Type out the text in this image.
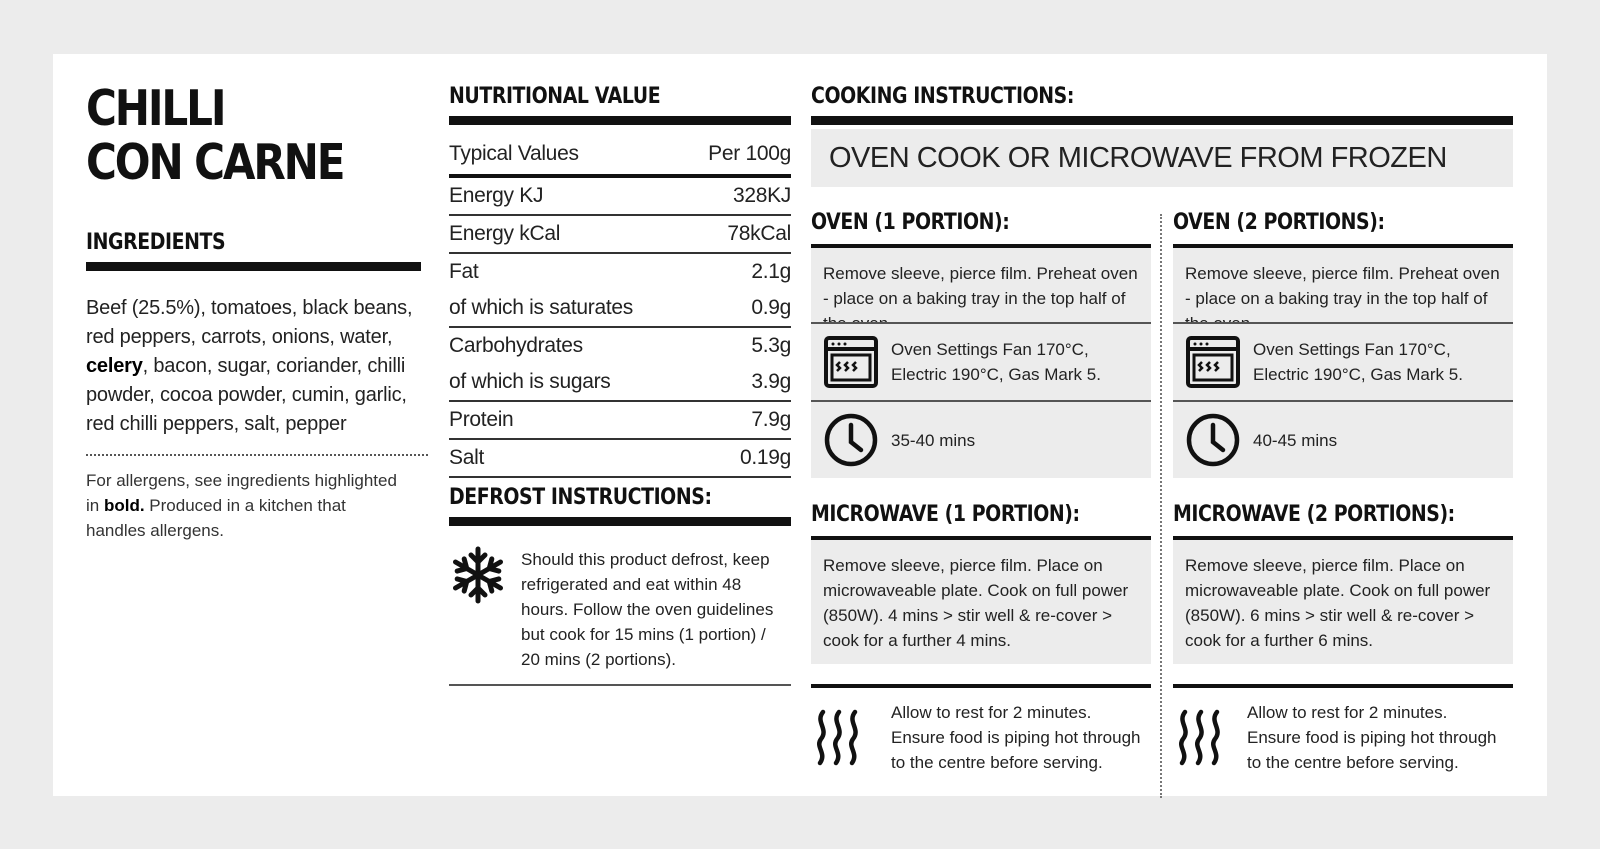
CHILLI
CON CARNE
INGREDIENTS
Beef (25.5%), tomatoes, black beans, red peppers, carrots, onions, water, celery, bacon, sugar, coriander, chilli powder, cocoa powder, cumin, garlic, red chilli peppers, salt, pepper
For allergens, see ingredients highlighted in bold. Produced in a kitchen that handles allergens.
NUTRITIONAL VALUE
Typical Values	Per 100g
Energy KJ	328KJ
Energy kCal	78kCal
Fat	2.1g
of which is saturates	0.9g
Carbohydrates	5.3g
of which is sugars	3.9g
Protein	7.9g
Salt	0.19g
DEFROST INSTRUCTIONS:
Should this product defrost, keep refrigerated and eat within 48 hours. Follow the oven guidelines but cook for 15 mins (1 portion) / 20 mins (2 portions).
COOKING INSTRUCTIONS:
OVEN COOK OR MICROWAVE FROM FROZEN
OVEN (1 PORTION):
Remove sleeve, pierce film. Preheat oven - place on a baking tray in the top half of
Oven Settings Fan 170°C, Electric 190°C, Gas Mark 5.
35-40 mins
MICROWAVE (1 PORTION):
Remove sleeve, pierce film. Place on microwaveable plate. Cook on full power (850W). 4 mins > stir well & re-cover > cook for a further 4 mins.
Allow to rest for 2 minutes. Ensure food is piping hot through to the centre before serving.
OVEN (2 PORTIONS):
Remove sleeve, pierce film. Preheat oven - place on a baking tray in the top half of
Oven Settings Fan 170°C, Electric 190°C, Gas Mark 5.
40-45 mins
MICROWAVE (2 PORTIONS):
Remove sleeve, pierce film. Place on microwaveable plate. Cook on full power (850W). 6 mins > stir well & re-cover > cook for a further 6 mins.
Allow to rest for 2 minutes. Ensure food is piping hot through to the centre before serving.
